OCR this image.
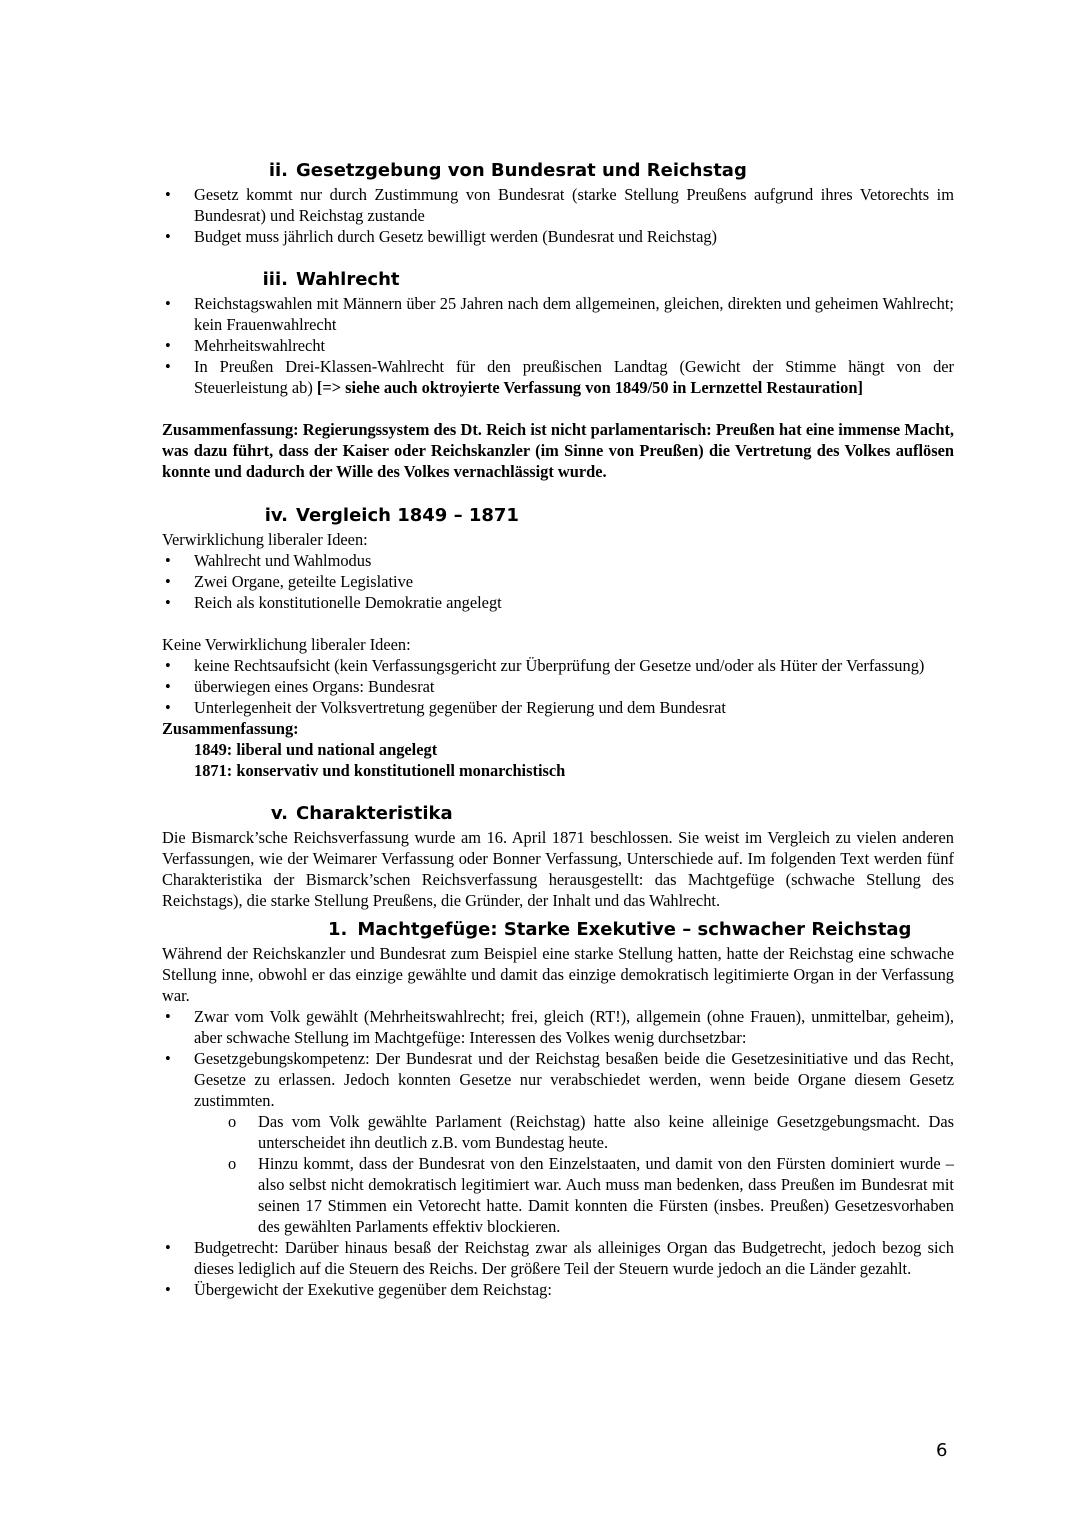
ii. Gesetzgebung von Bundesrat und Reichstag
• Gesetz kommt nur durch Zustimmung von Bundesrat (starke Stellung Preußens aufgrund ihres Vetorechts im Bundesrat) und Reichstag zustande
• Budget muss jährlich durch Gesetz bewilligt werden (Bundesrat und Reichstag)
iii. Wahlrecht
• Reichstagswahlen mit Männern über 25 Jahren nach dem allgemeinen, gleichen, direkten und geheimen Wahlrecht; kein Frauenwahlrecht
• Mehrheitswahlrecht
• In Preußen Drei-Klassen-Wahlrecht für den preußischen Landtag (Gewicht der Stimme hängt von der Steuerleistung ab) [=> siehe auch oktroyierte Verfassung von 1849/50 in Lernzettel Restauration]

Zusammenfassung: Regierungssystem des Dt. Reich ist nicht parlamentarisch: Preußen hat eine immense Macht, was dazu führt, dass der Kaiser oder Reichskanzler (im Sinne von Preußen) die Vertretung des Volkes auflösen konnte und dadurch der Wille des Volkes vernachlässigt wurde.

iv. Vergleich 1849 – 1871

Verwirklichung liberaler Ideen:

• Wahlrecht und Wahlmodus
• Zwei Organe, geteilte Legislative
• Reich als konstitutionelle Demokratie angelegt

Keine Verwirklichung liberaler Ideen:

• keine Rechtsaufsicht (kein Verfassungsgericht zur Überprüfung der Gesetze und/oder als Hüter der Verfassung)
• überwiegen eines Organs: Bundesrat
• Unterlegenheit der Volksvertretung gegenüber der Regierung und dem Bundesrat

Zusammenfassung:

1849: liberal und national angelegt

1871: konservativ und konstitutionell monarchistisch

v. Charakteristika

Die Bismarck’sche Reichsverfassung wurde am 16. April 1871 beschlossen. Sie weist im Vergleich zu vielen anderen Verfassungen, wie der Weimarer Verfassung oder Bonner Verfassung, Unterschiede auf. Im folgenden Text werden fünf Charakteristika der Bismarck’schen Reichsverfassung herausgestellt: das Machtgefüge (schwache Stellung des Reichstags), die starke Stellung Preußens, die Gründer, der Inhalt und das Wahlrecht.

1. Machtgefüge: Starke Exekutive – schwacher Reichstag

Während der Reichskanzler und Bundesrat zum Beispiel eine starke Stellung hatten, hatte der Reichstag eine schwache Stellung inne, obwohl er das einzige gewählte und damit das einzige demokratisch legitimierte Organ in der Verfassung war.

• Zwar vom Volk gewählt (Mehrheitswahlrecht; frei, gleich (RT!), allgemein (ohne Frauen), unmittelbar, geheim), aber schwache Stellung im Machtgefüge: Interessen des Volkes wenig durchsetzbar:
• Gesetzgebungskompetenz: Der Bundesrat und der Reichstag besaßen beide die Gesetzesinitiative und das Recht, Gesetze zu erlassen. Jedoch konnten Gesetze nur verabschiedet werden, wenn beide Organe diesem Gesetz zustimmten.
o Das vom Volk gewählte Parlament (Reichstag) hatte also keine alleinige Gesetzgebungsmacht. Das unterscheidet ihn deutlich z.B. vom Bundestag heute.
o Hinzu kommt, dass der Bundesrat von den Einzelstaaten, und damit von den Fürsten dominiert wurde – also selbst nicht demokratisch legitimiert war. Auch muss man bedenken, dass Preußen im Bundesrat mit seinen 17 Stimmen ein Vetorecht hatte. Damit konnten die Fürsten (insbes. Preußen) Gesetzesvorhaben des gewählten Parlaments effektiv blockieren.
• Budgetrecht: Darüber hinaus besaß der Reichstag zwar als alleiniges Organ das Budgetrecht, jedoch bezog sich dieses lediglich auf die Steuern des Reichs. Der größere Teil der Steuern wurde jedoch an die Länder gezahlt.
• Übergewicht der Exekutive gegenüber dem Reichstag:
6
